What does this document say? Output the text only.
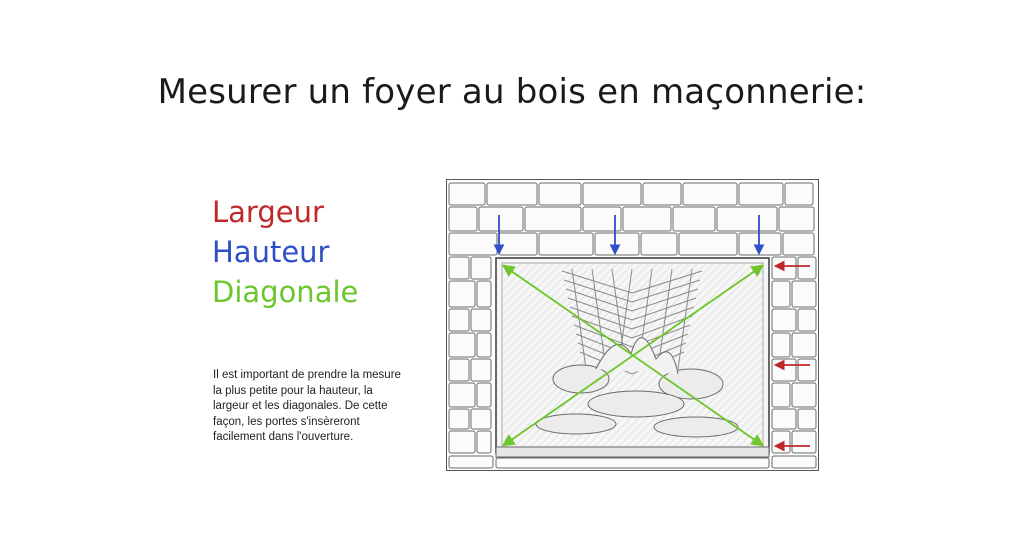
Mesurer un foyer au bois en maçonnerie:
Largeur
Hauteur
Diagonale
Il est important de prendre la mesure la plus petite pour la hauteur, la largeur et les diagonales. De cette façon, les portes s'insèreront facilement dans l'ouverture.
